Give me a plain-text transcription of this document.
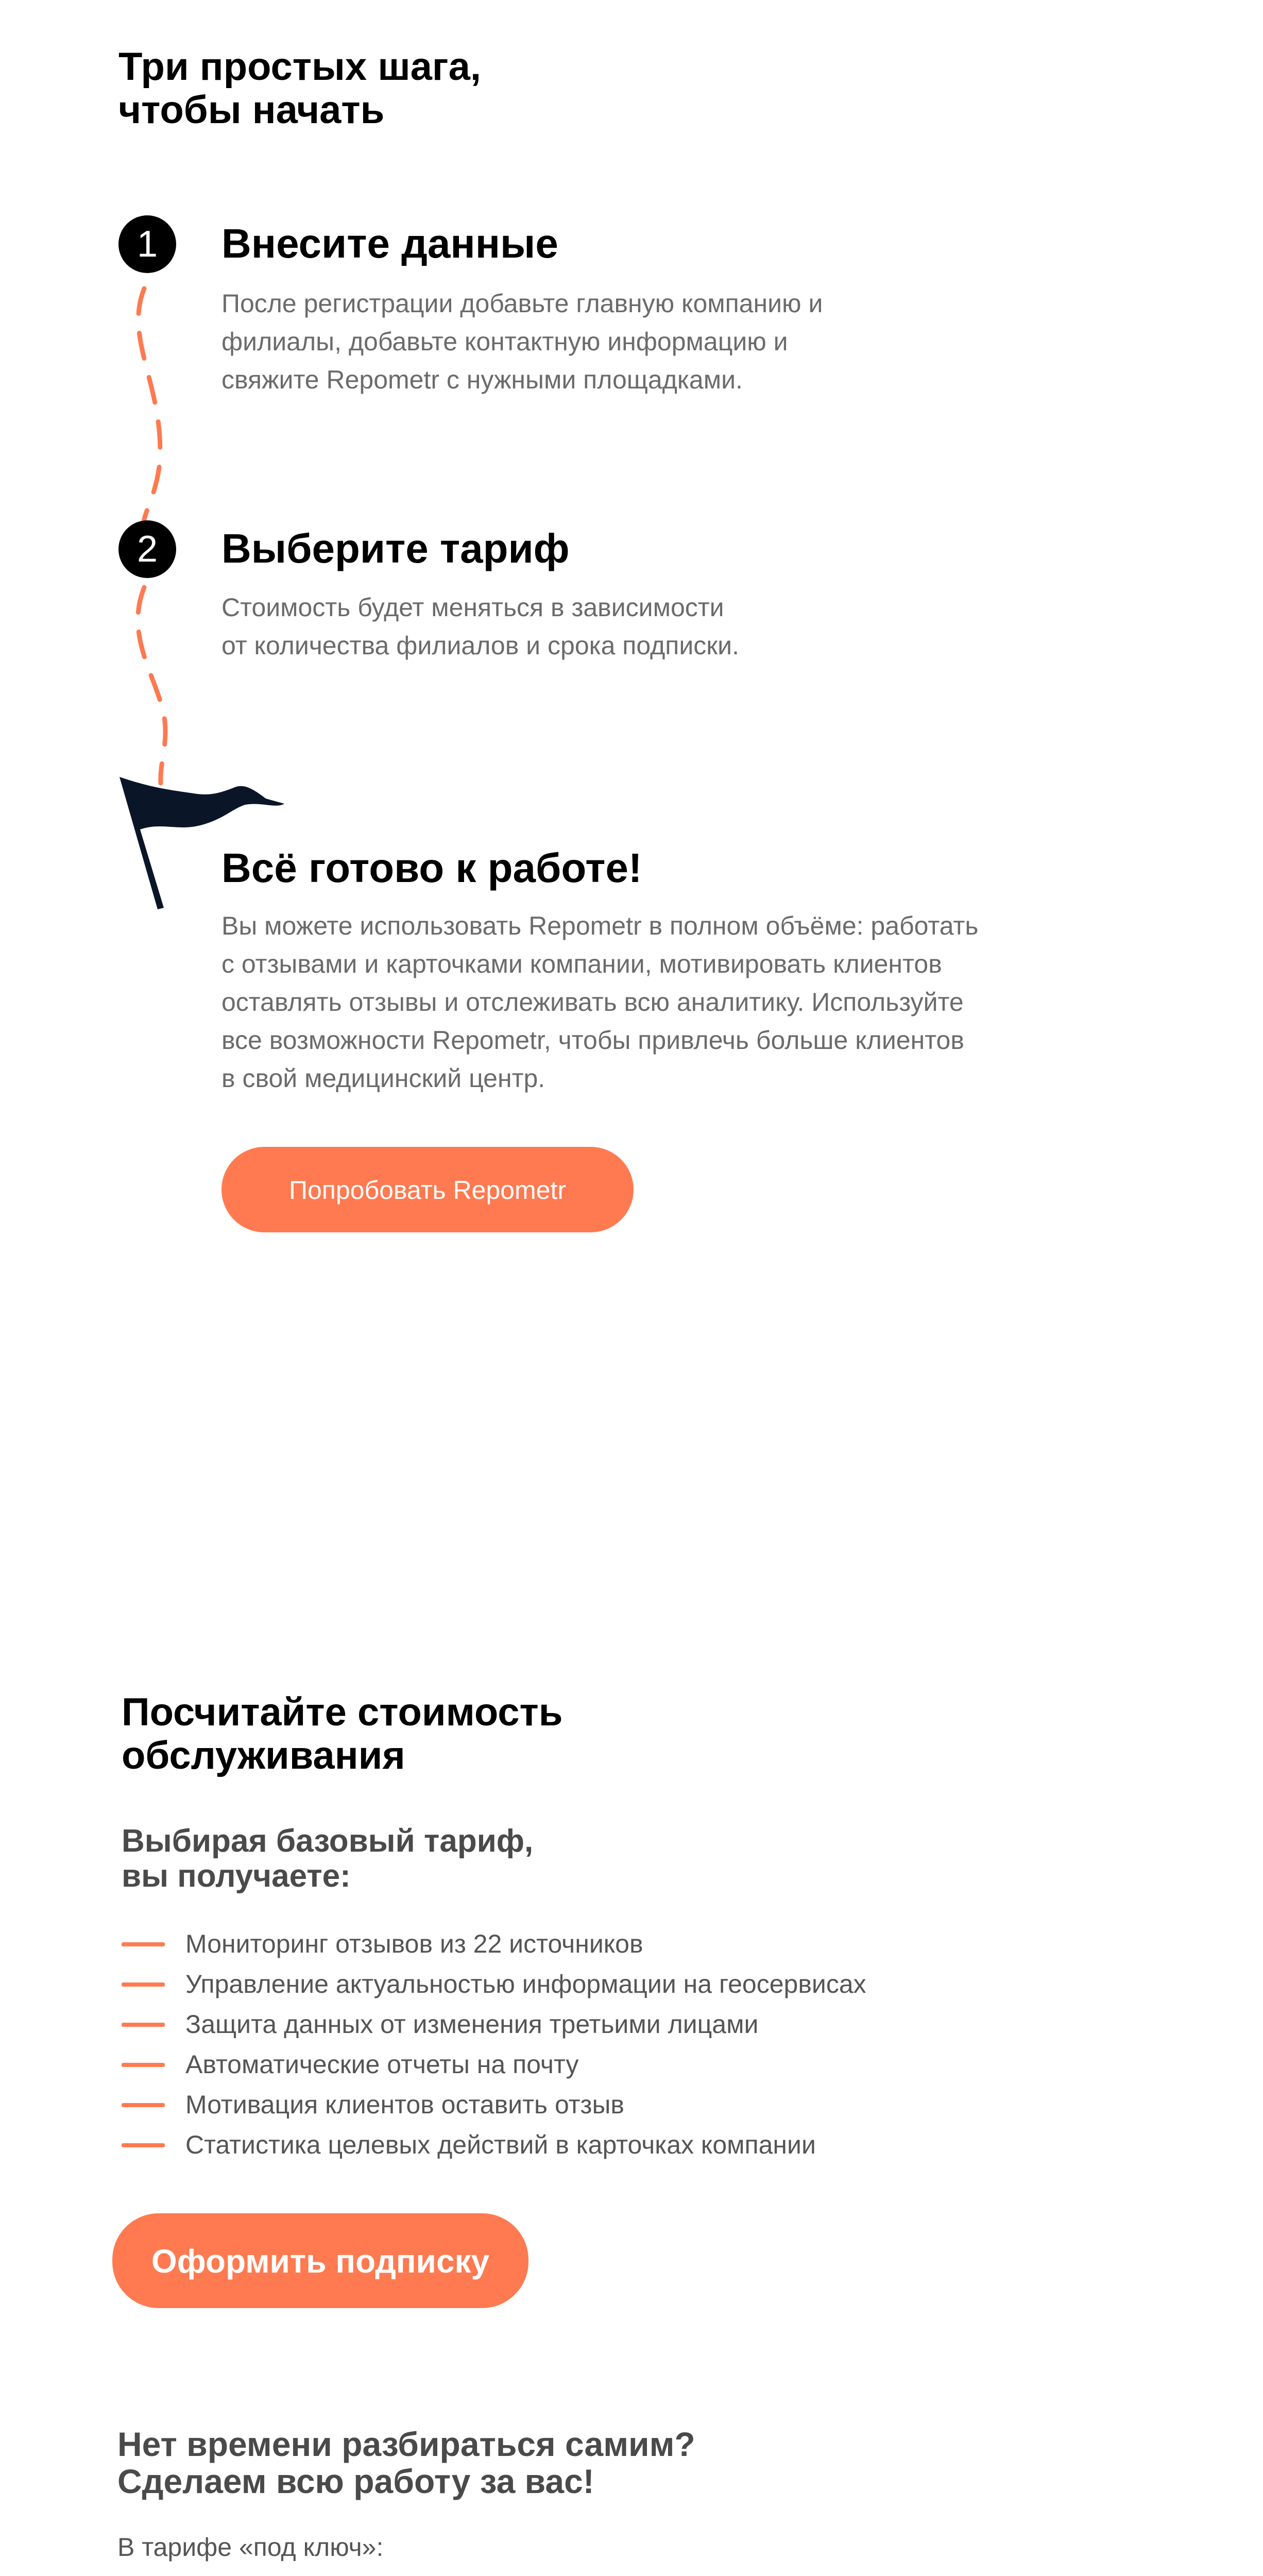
Три простых шага,
чтобы начать
1	Внесите данные
После регистрации добавьте главную компанию и
филиалы, добавьте контактную информацию и
свяжите Repometr с нужными площадками.
2	Выберите тариф
Стоимость будет меняться в зависимости
от количества филиалов и срока подписки.
Всё готово к работе!
Вы можете использовать Repometr в полном объёме: работать
с отзывами и карточками компании, мотивировать клиентов
оставлять отзывы и отслеживать всю аналитику. Используйте
все возможности Repometr, чтобы привлечь больше клиентов
в свой медицинский центр.
Попробовать Repometr
Посчитайте стоимость
обслуживания
Выбирая базовый тариф,
вы получаете:
Мониторинг отзывов из 22 источников
Управление актуальностью информации на геосервисах
Защита данных от изменения третьими лицами
Автоматические отчеты на почту
Мотивация клиентов оставить отзыв
Статистика целевых действий в карточках компании
Оформить подписку
Нет времени разбираться самим?
Сделаем всю работу за вас!
В тарифе «под ключ»:
